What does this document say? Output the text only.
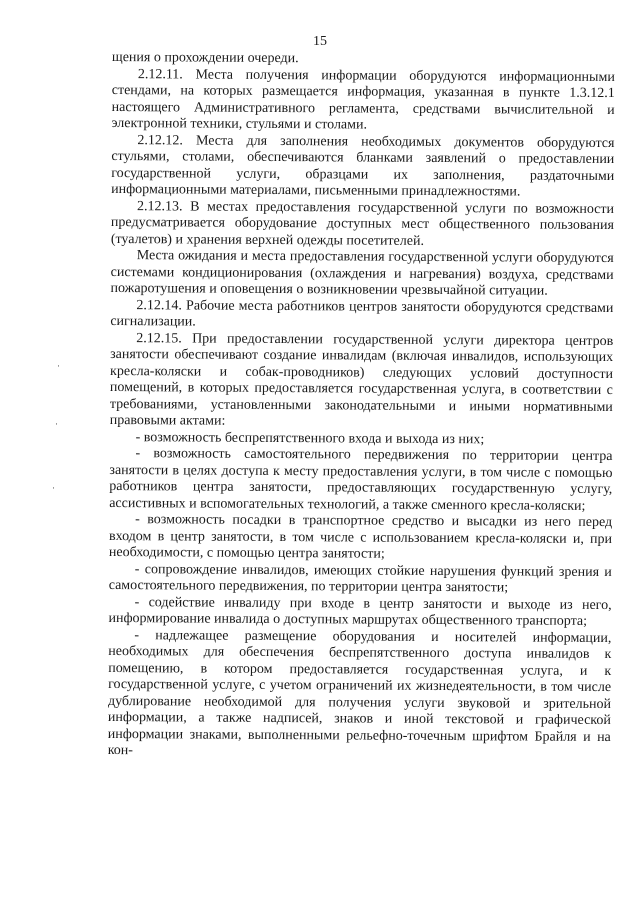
15

щения о прохождении очереди.

2.12.11. Места получения информации оборудуются информационными стендами, на которых размещается информация, указанная в пункте 1.3.12.1 настоящего Административного регламента, средствами вычислительной и электронной техники, стульями и столами.

2.12.12. Места для заполнения необходимых документов оборудуются стульями, столами, обеспечиваются бланками заявлений о предоставлении государственной услуги, образцами их заполнения, раздаточными информационными материалами, письменными принадлежностями.

2.12.13. В местах предоставления государственной услуги по возможности предусматривается оборудование доступных мест общественного пользования (туалетов) и хранения верхней одежды посетителей.

Места ожидания и места предоставления государственной услуги оборудуются системами кондиционирования (охлаждения и нагревания) воздуха, средствами пожаротушения и оповещения о возникновении чрезвычайной ситуации.

2.12.14. Рабочие места работников центров занятости оборудуются средствами сигнализации.

2.12.15. При предоставлении государственной услуги директора центров занятости обеспечивают создание инвалидам (включая инвалидов, использующих кресла-коляски и собак-проводников) следующих условий доступности помещений, в которых предоставляется государственная услуга, в соответствии с требованиями, установленными законодательными и иными нормативными правовыми актами:

- возможность беспрепятственного входа и выхода из них;

- возможность самостоятельного передвижения по территории центра занятости в целях доступа к месту предоставления услуги, в том числе с помощью работников центра занятости, предоставляющих государственную услугу, ассистивных и вспомогательных технологий, а также сменного кресла-коляски;

- возможность посадки в транспортное средство и высадки из него перед входом в центр занятости, в том числе с использованием кресла-коляски и, при необходимости, с помощью центра занятости;

- сопровождение инвалидов, имеющих стойкие нарушения функций зрения и самостоятельного передвижения, по территории центра занятости;

- содействие инвалиду при входе в центр занятости и выходе из него, информирование инвалида о доступных маршрутах общественного транспорта;

- надлежащее размещение оборудования и носителей информации, необходимых для обеспечения беспрепятственного доступа инвалидов к помещению, в котором предоставляется государственная услуга, и к государственной услуге, с учетом ограничений их жизнедеятельности, в том числе дублирование необходимой для получения услуги звуковой и зрительной информации, а также надписей, знаков и иной текстовой и графической информации знаками, выполненными рельефно-точечным шрифтом Брайля и на кон-

·
·
·
